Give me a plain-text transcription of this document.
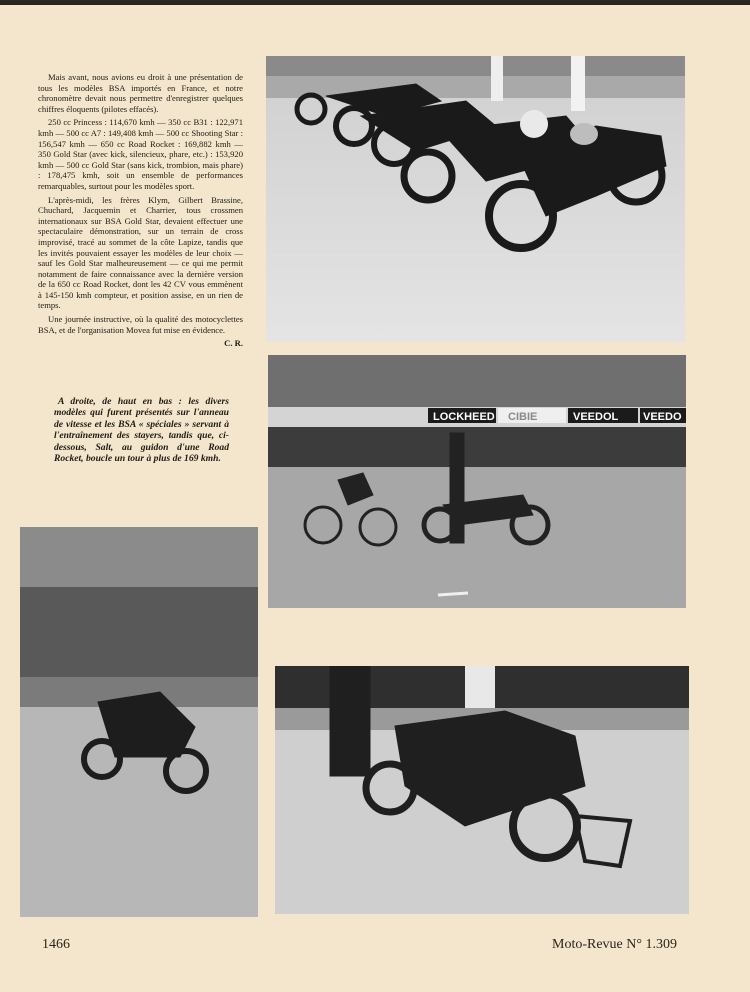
Mais avant, nous avions eu droit à une présentation de tous les modèles BSA importés en France, et notre chronomètre devait nous permettre d'enregistrer quelques chiffres éloquents (pilotes effacés).

250 cc Princess : 114,670 kmh — 350 cc B31 : 122,971 kmh — 500 cc A7 : 149,408 kmh — 500 cc Shooting Star : 156,547 kmh — 650 cc Road Rocket : 169,882 kmh — 350 Gold Star (avec kick, silencieux, phare, etc.) : 153,920 kmh — 500 cc Gold Star (sans kick, trombion, mais phare) : 178,475 kmh, soit un ensemble de performances remarquables, surtout pour les modèles sport.

L'après-midi, les frères Klym, Gilbert Brassine, Chuchard, Jacquemin et Charrier, tous crossmen internationaux sur BSA Gold Star, devaient effectuer une spectaculaire démonstration, sur un terrain de cross improvisé, tracé au sommet de la côte Lapize, tandis que les invités pouvaient essayer les modèles de leur choix — sauf les Gold Star malheureusement — ce qui me permit notamment de faire connaissance avec la dernière version de la 650 cc Road Rocket, dont les 42 CV vous emmènent à 145-150 kmh compteur, et position assise, en un rien de temps.

Une journée instructive, où la qualité des motocyclettes BSA, et de l'organisation Movea fut mise en évidence.

C. R.

A droite, de haut en bas : les divers modèles qui furent présentés sur l'anneau de vitesse et les BSA « spéciales » servant à l'entraînement des stayers, tandis que, ci-dessous, Salt, au guidon d'une Road Rocket, boucle un tour à plus de 169 kmh.

LOCKHEED CIBIE	VEEDOL VEEDO
1466	Moto-Revue N° 1.309
